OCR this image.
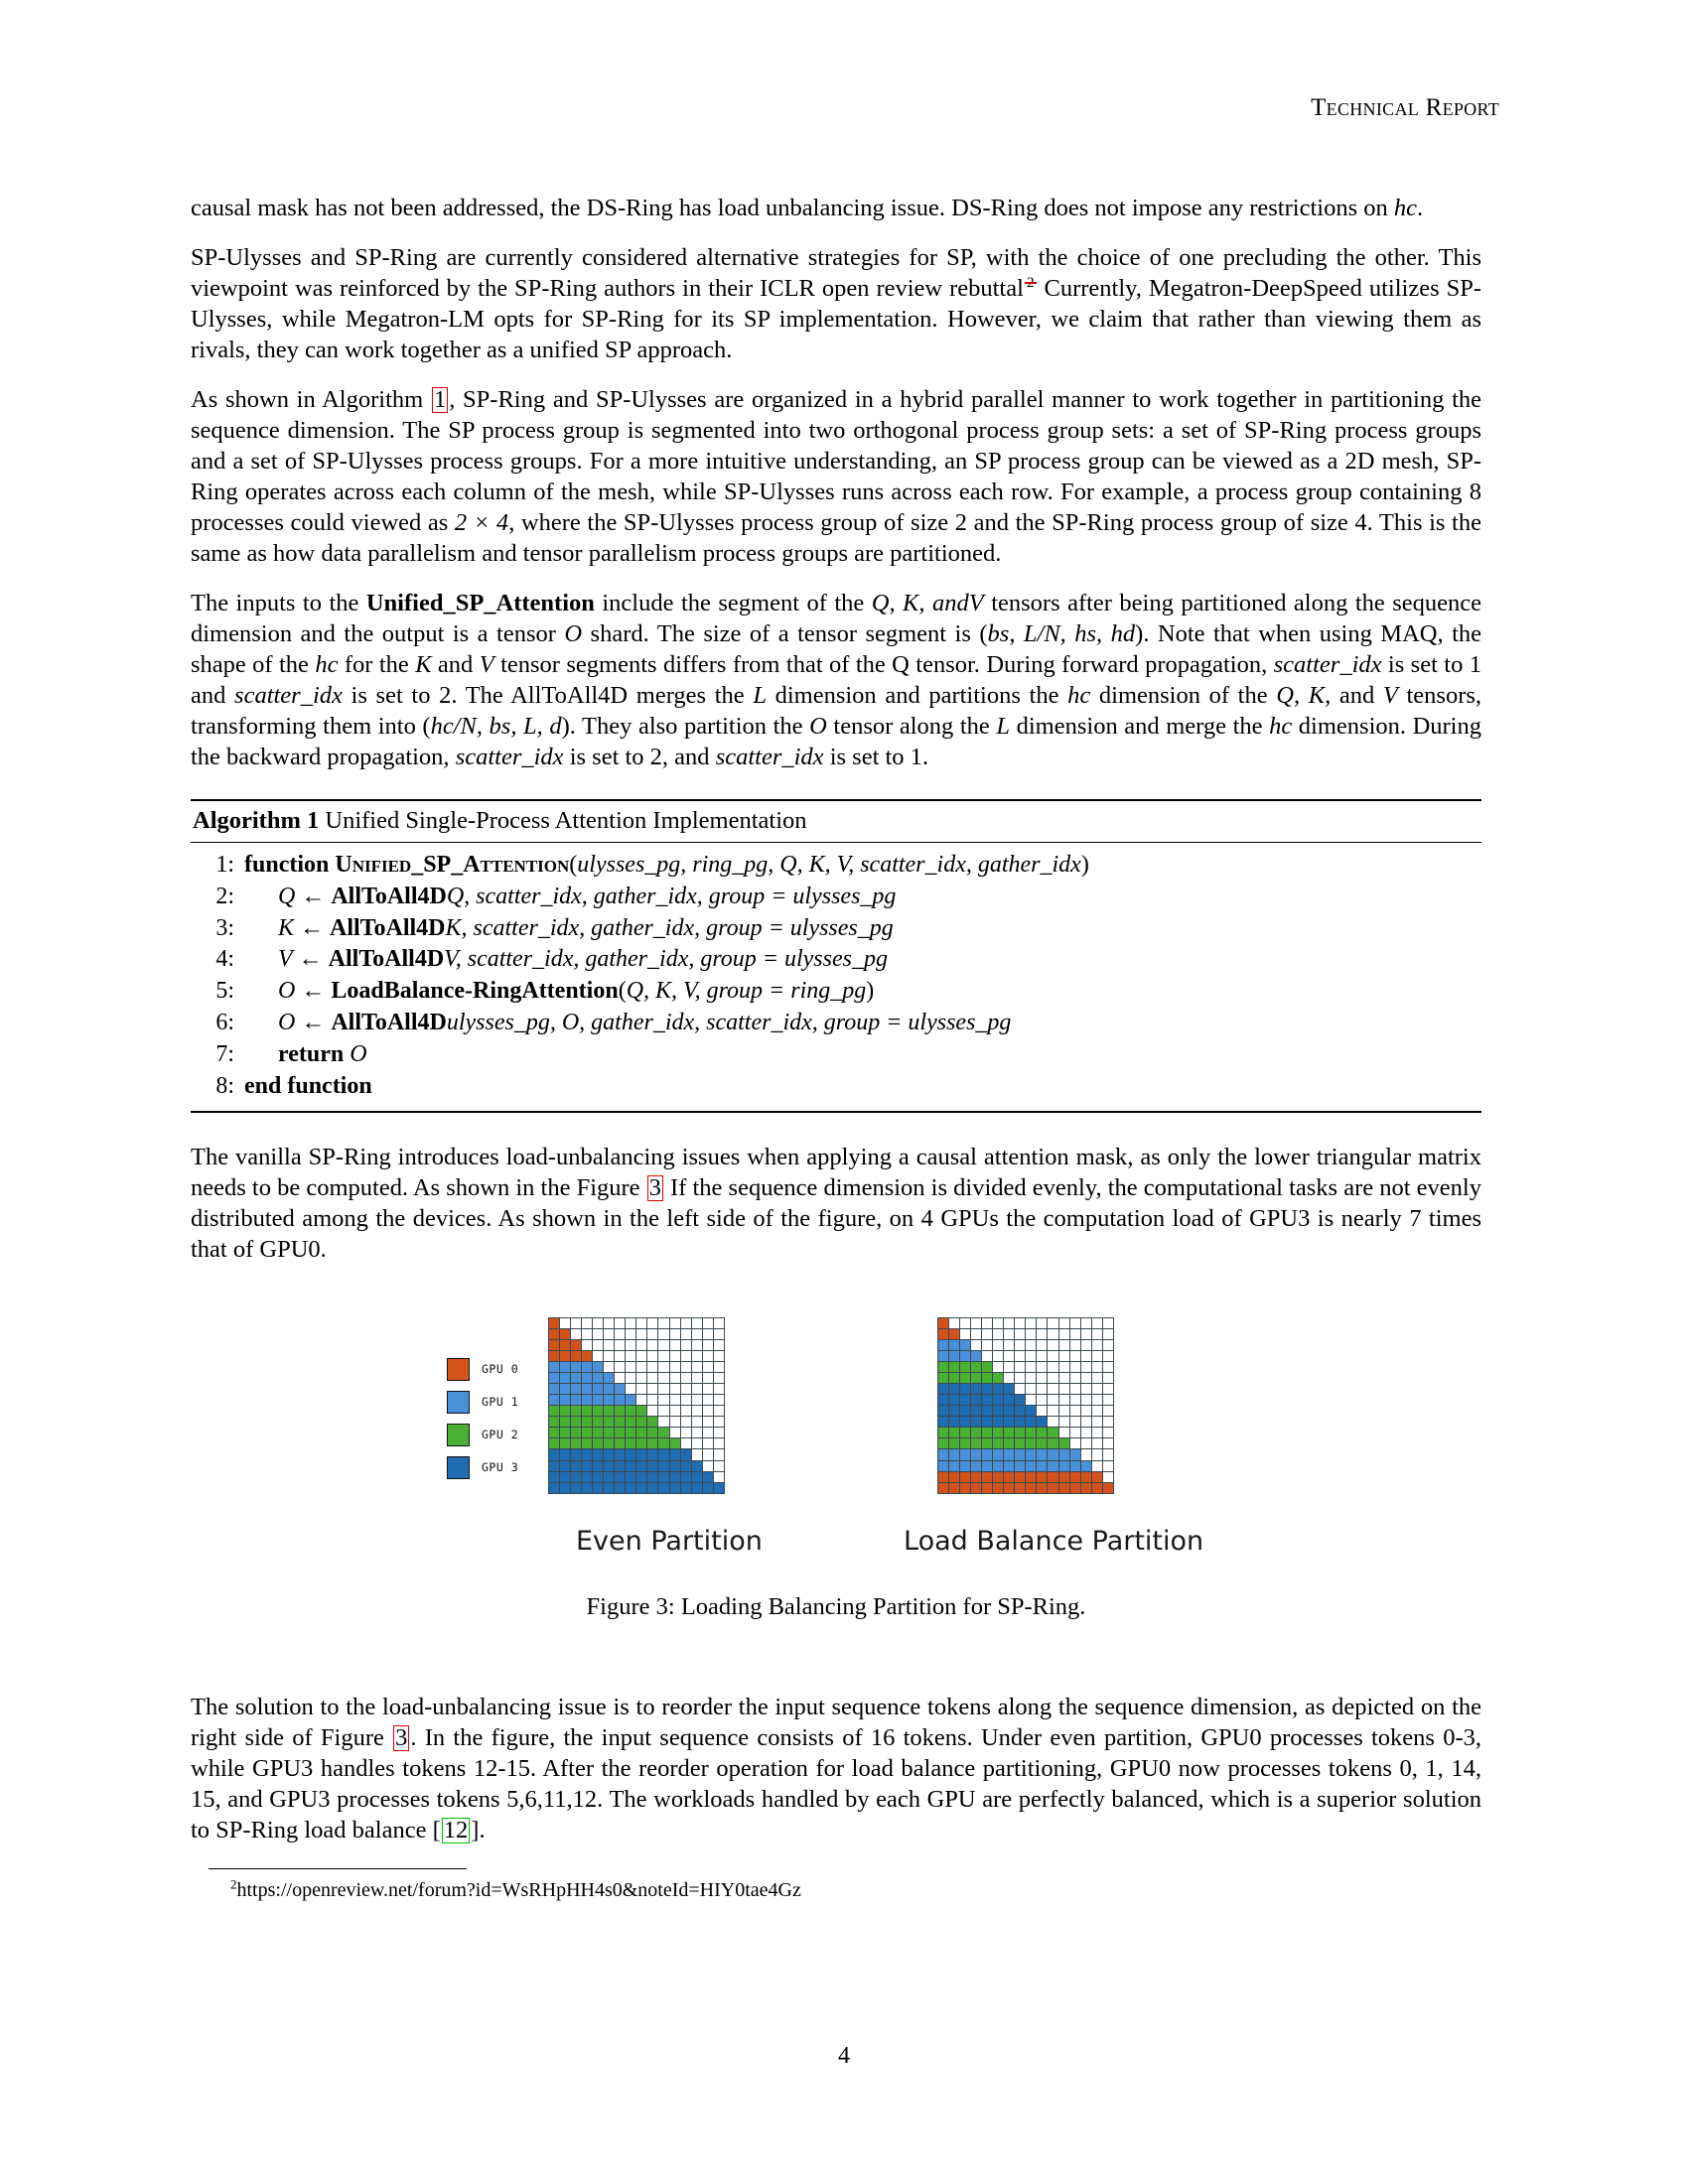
Technical Report

causal mask has not been addressed, the DS-Ring has load unbalancing issue. DS-Ring does not impose any restrictions on hc.

SP-Ulysses and SP-Ring are currently considered alternative strategies for SP, with the choice of one precluding the other. This viewpoint was reinforced by the SP-Ring authors in their ICLR open review rebuttal $^2$ Currently, Megatron-DeepSpeed utilizes SP-Ulysses, while Megatron-LM opts for SP-Ring for its SP implementation. However, we claim that rather than viewing them as rivals, they can work together as a unified SP approach.

As shown in Algorithm 1 , SP-Ring and SP-Ulysses are organized in a hybrid parallel manner to work together in partitioning the sequence dimension. The SP process group is segmented into two orthogonal process group sets: a set of SP-Ring process groups and a set of SP-Ulysses process groups. For a more intuitive understanding, an SP process group can be viewed as a 2D mesh, SP-Ring operates across each column of the mesh, while SP-Ulysses runs across each row. For example, a process group containing 8 processes could viewed as 2 × 4, where the SP-Ulysses process group of size 2 and the SP-Ring process group of size 4. This is the same as how data parallelism and tensor parallelism process groups are partitioned.

The inputs to the Unified_SP_Attention include the segment of the Q, K, andV tensors after being partitioned along the sequence dimension and the output is a tensor O shard. The size of a tensor segment is (bs, L/N, hs, hd). Note that when using MAQ, the shape of the hc for the K and V tensor segments differs from that of the Q tensor. During forward propagation, scatter_idx is set to 1 and scatter_idx is set to 2. The AllToAll4D merges the L dimension and partitions the hc dimension of the Q, K, and V tensors, transforming them into (hc/N, bs, L, d). They also partition the O tensor along the L dimension and merge the hc dimension. During the backward propagation, scatter_idx is set to 2, and scatter_idx is set to 1.

Algorithm 1 Unified Single-Process Attention Implementation
1: function Unified_SP_Attention(ulysses_pg, ring_pg, Q, K, V, scatter_idx, gather_idx)
2: Q ← AllToAll4DQ, scatter_idx, gather_idx, group = ulysses_pg
3: K ← AllToAll4DK, scatter_idx, gather_idx, group = ulysses_pg
4: V ← AllToAll4DV, scatter_idx, gather_idx, group = ulysses_pg
5: O ← LoadBalance-RingAttention(Q, K, V, group = ring_pg)
6: O ← AllToAll4Dulysses_pg, O, gather_idx, scatter_idx, group = ulysses_pg
7: return O
8: end function

The vanilla SP-Ring introduces load-unbalancing issues when applying a causal attention mask, as only the lower triangular matrix needs to be computed. As shown in the Figure 3 If the sequence dimension is divided evenly, the computational tasks are not evenly distributed among the devices. As shown in the left side of the figure, on 4 GPUs the computation load of GPU3 is nearly 7 times that of GPU0.

GPU 0
GPU 1
GPU 2
GPU 3
Even Partition	Load Balance Partition
Figure 3: Loading Balancing Partition for SP-Ring.

The solution to the load-unbalancing issue is to reorder the input sequence tokens along the sequence dimension, as depicted on the right side of Figure 3 . In the figure, the input sequence consists of 16 tokens. Under even partition, GPU0 processes tokens 0-3, while GPU3 handles tokens 12-15. After the reorder operation for load balance partitioning, GPU0 now processes tokens 0, 1, 14, 15, and GPU3 processes tokens 5,6,11,12. The workloads handled by each GPU are perfectly balanced, which is a superior solution to SP-Ring load balance [ 12 ].

$^2$https://openreview.net/forum?id=WsRHpHH4s0&noteId=HIY0tae4Gz
4
